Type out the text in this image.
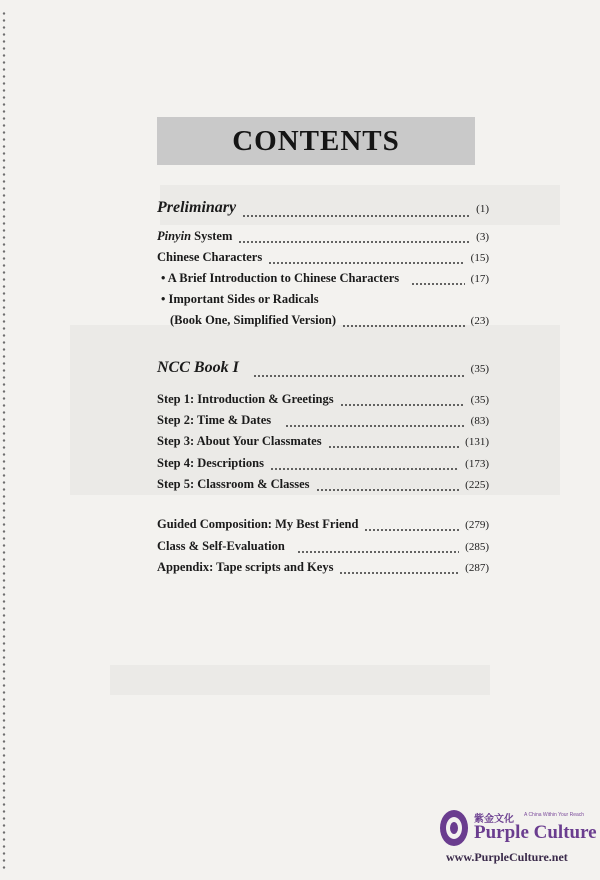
CONTENTS
Preliminary	(1)
Pinyin System	(3)
Chinese Characters	(15)
• A Brief Introduction to Chinese Characters	(17)
• Important Sides or Radicals
(Book One, Simplified Version)	(23)
NCC Book I	(35)
Step 1: Introduction & Greetings	(35)
Step 2: Time & Dates	(83)
Step 3: About Your Classmates	(131)
Step 4: Descriptions	(173)
Step 5: Classroom & Classes	(225)
Guided Composition: My Best Friend	(279)
Class & Self-Evaluation	(285)
Appendix: Tape scripts and Keys	(287)
紫金文化 A China Within Your Reach
Purple Culture
www.PurpleCulture.net
